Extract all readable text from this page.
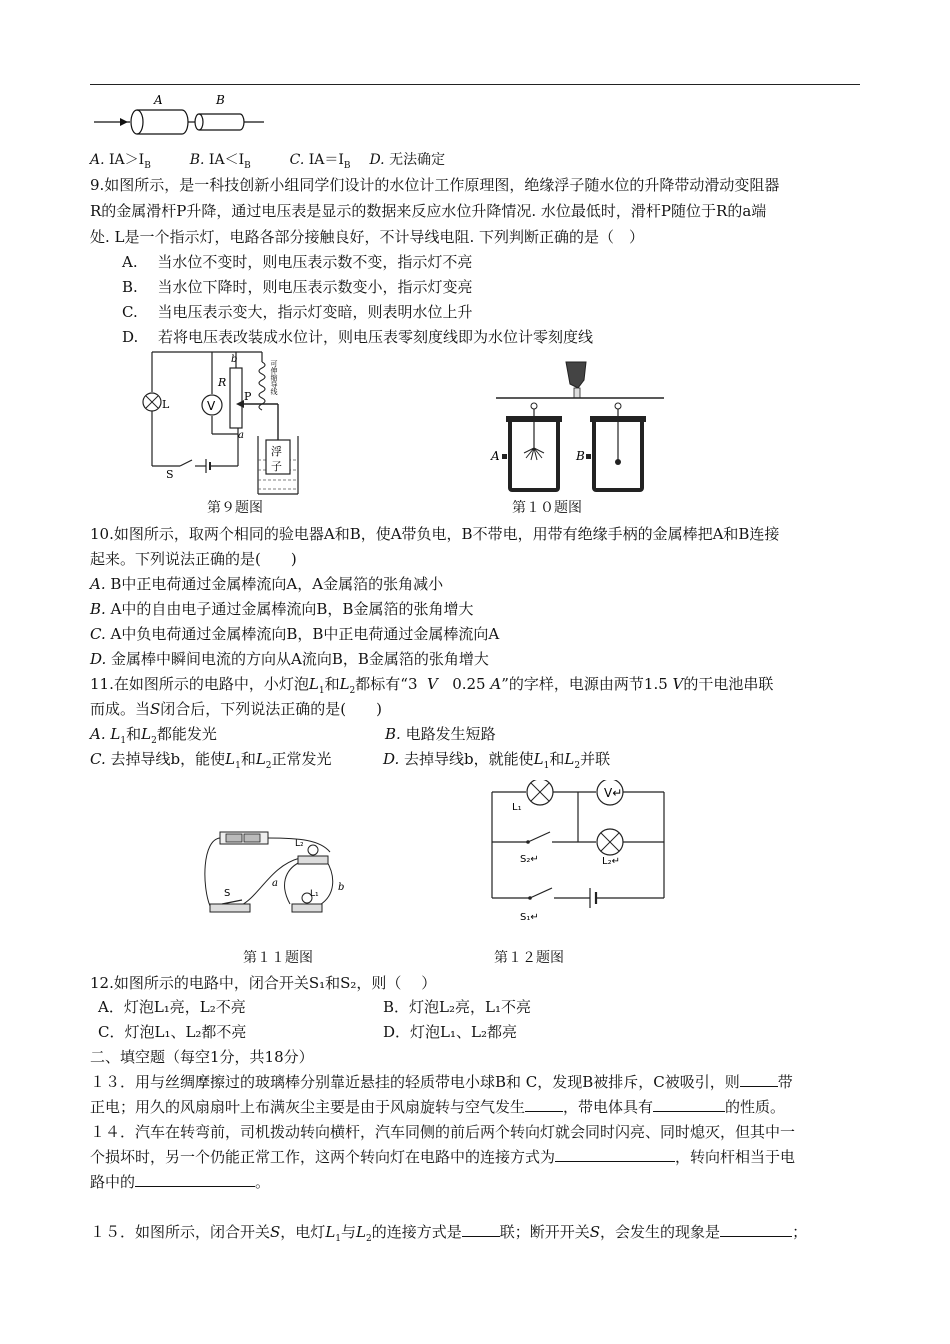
A	B
A. $IA>I_B$	B. $IA<I_B$	C. $IA=I_B$ D. 无法确定
9.如图所示，是一科技创新小组同学们设计的水位计工作原理图，绝缘浮子随水位的升降带动滑动变阻器
R的金属滑杆P升降，通过电压表是显示的数据来反应水位升降情况. 水位最低时，滑杆P随位于R的a端
处. L是一个指示灯，电路各部分接触良好，不计导线电阻. 下列判断正确的是（　）
A.　 当水位不变时，则电压表示数不变，指示灯不亮
B.　 当水位下降时，则电压表示数变小，指示灯变亮
C.　 当电压表示变大，指示灯变暗，则表明水位上升
D.　 若将电压表改装成水位计，则电压表零刻度线即为水位计零刻度线
V
浮
子
L
R
b
P
a
S
可伸缩导线
第９题图
A	B
第１０题图
10.如图所示，取两个相同的验电器A和B，使A带负电，B不带电，用带有绝缘手柄的金属棒把A和B连接
起来。下列说法正确的是(　　)
A. B中正电荷通过金属棒流向A，A金属箔的张角减小
B. A中的自由电子通过金属棒流向B，B金属箔的张角增大
C. A中负电荷通过金属棒流向B，B中正电荷通过金属棒流向A
D. 金属棒中瞬间电流的方向从A流向B，B金属箔的张角增大
11.在如图所示的电路中，小灯泡$L_1$和$L_2$都标有“3 V 0.25 A”的字样，电源由两节1.5 V的干电池串联
而成。当S闭合后，下列说法正确的是(　　)
A. $L_1$和$L_2$都能发光	B. 电路发生短路
C. 去掉导线b，能使$L_1$和$L_2$正常发光	D. 去掉导线b，就能使$L_1$和$L_2$并联
L₂
L₁
S
a	b
第１１题图
V↵
L₁
L₂↵
S₂↵
S₁↵
第１２题图
12.如图所示的电路中，闭合开关S₁和S₂，则（　 ）
A．灯泡L₁亮，L₂不亮	B．灯泡L₂亮，L₁不亮
C．灯泡L₁、L₂都不亮	D．灯泡L₁、L₂都亮
二、填空题（每空1分，共18分）
１３．用与丝绸摩擦过的玻璃棒分别靠近悬挂的轻质带电小球B和 C，发现B被排斥，C被吸引，则	带
正电；用久的风扇扇叶上布满灰尘主要是由于风扇旋转与空气发生	，带电体具有	的性质。
１４．汽车在转弯前，司机拨动转向横杆，汽车同侧的前后两个转向灯就会同时闪亮、同时熄灭，但其中一
个损坏时，另一个仍能正常工作，这两个转向灯在电路中的连接方式为	，转向杆相当于电
路中的	。
１５．如图所示，闭合开关S，电灯$L_1$与$L_2$的连接方式是	联；断开开关S，会发生的现象是	；
